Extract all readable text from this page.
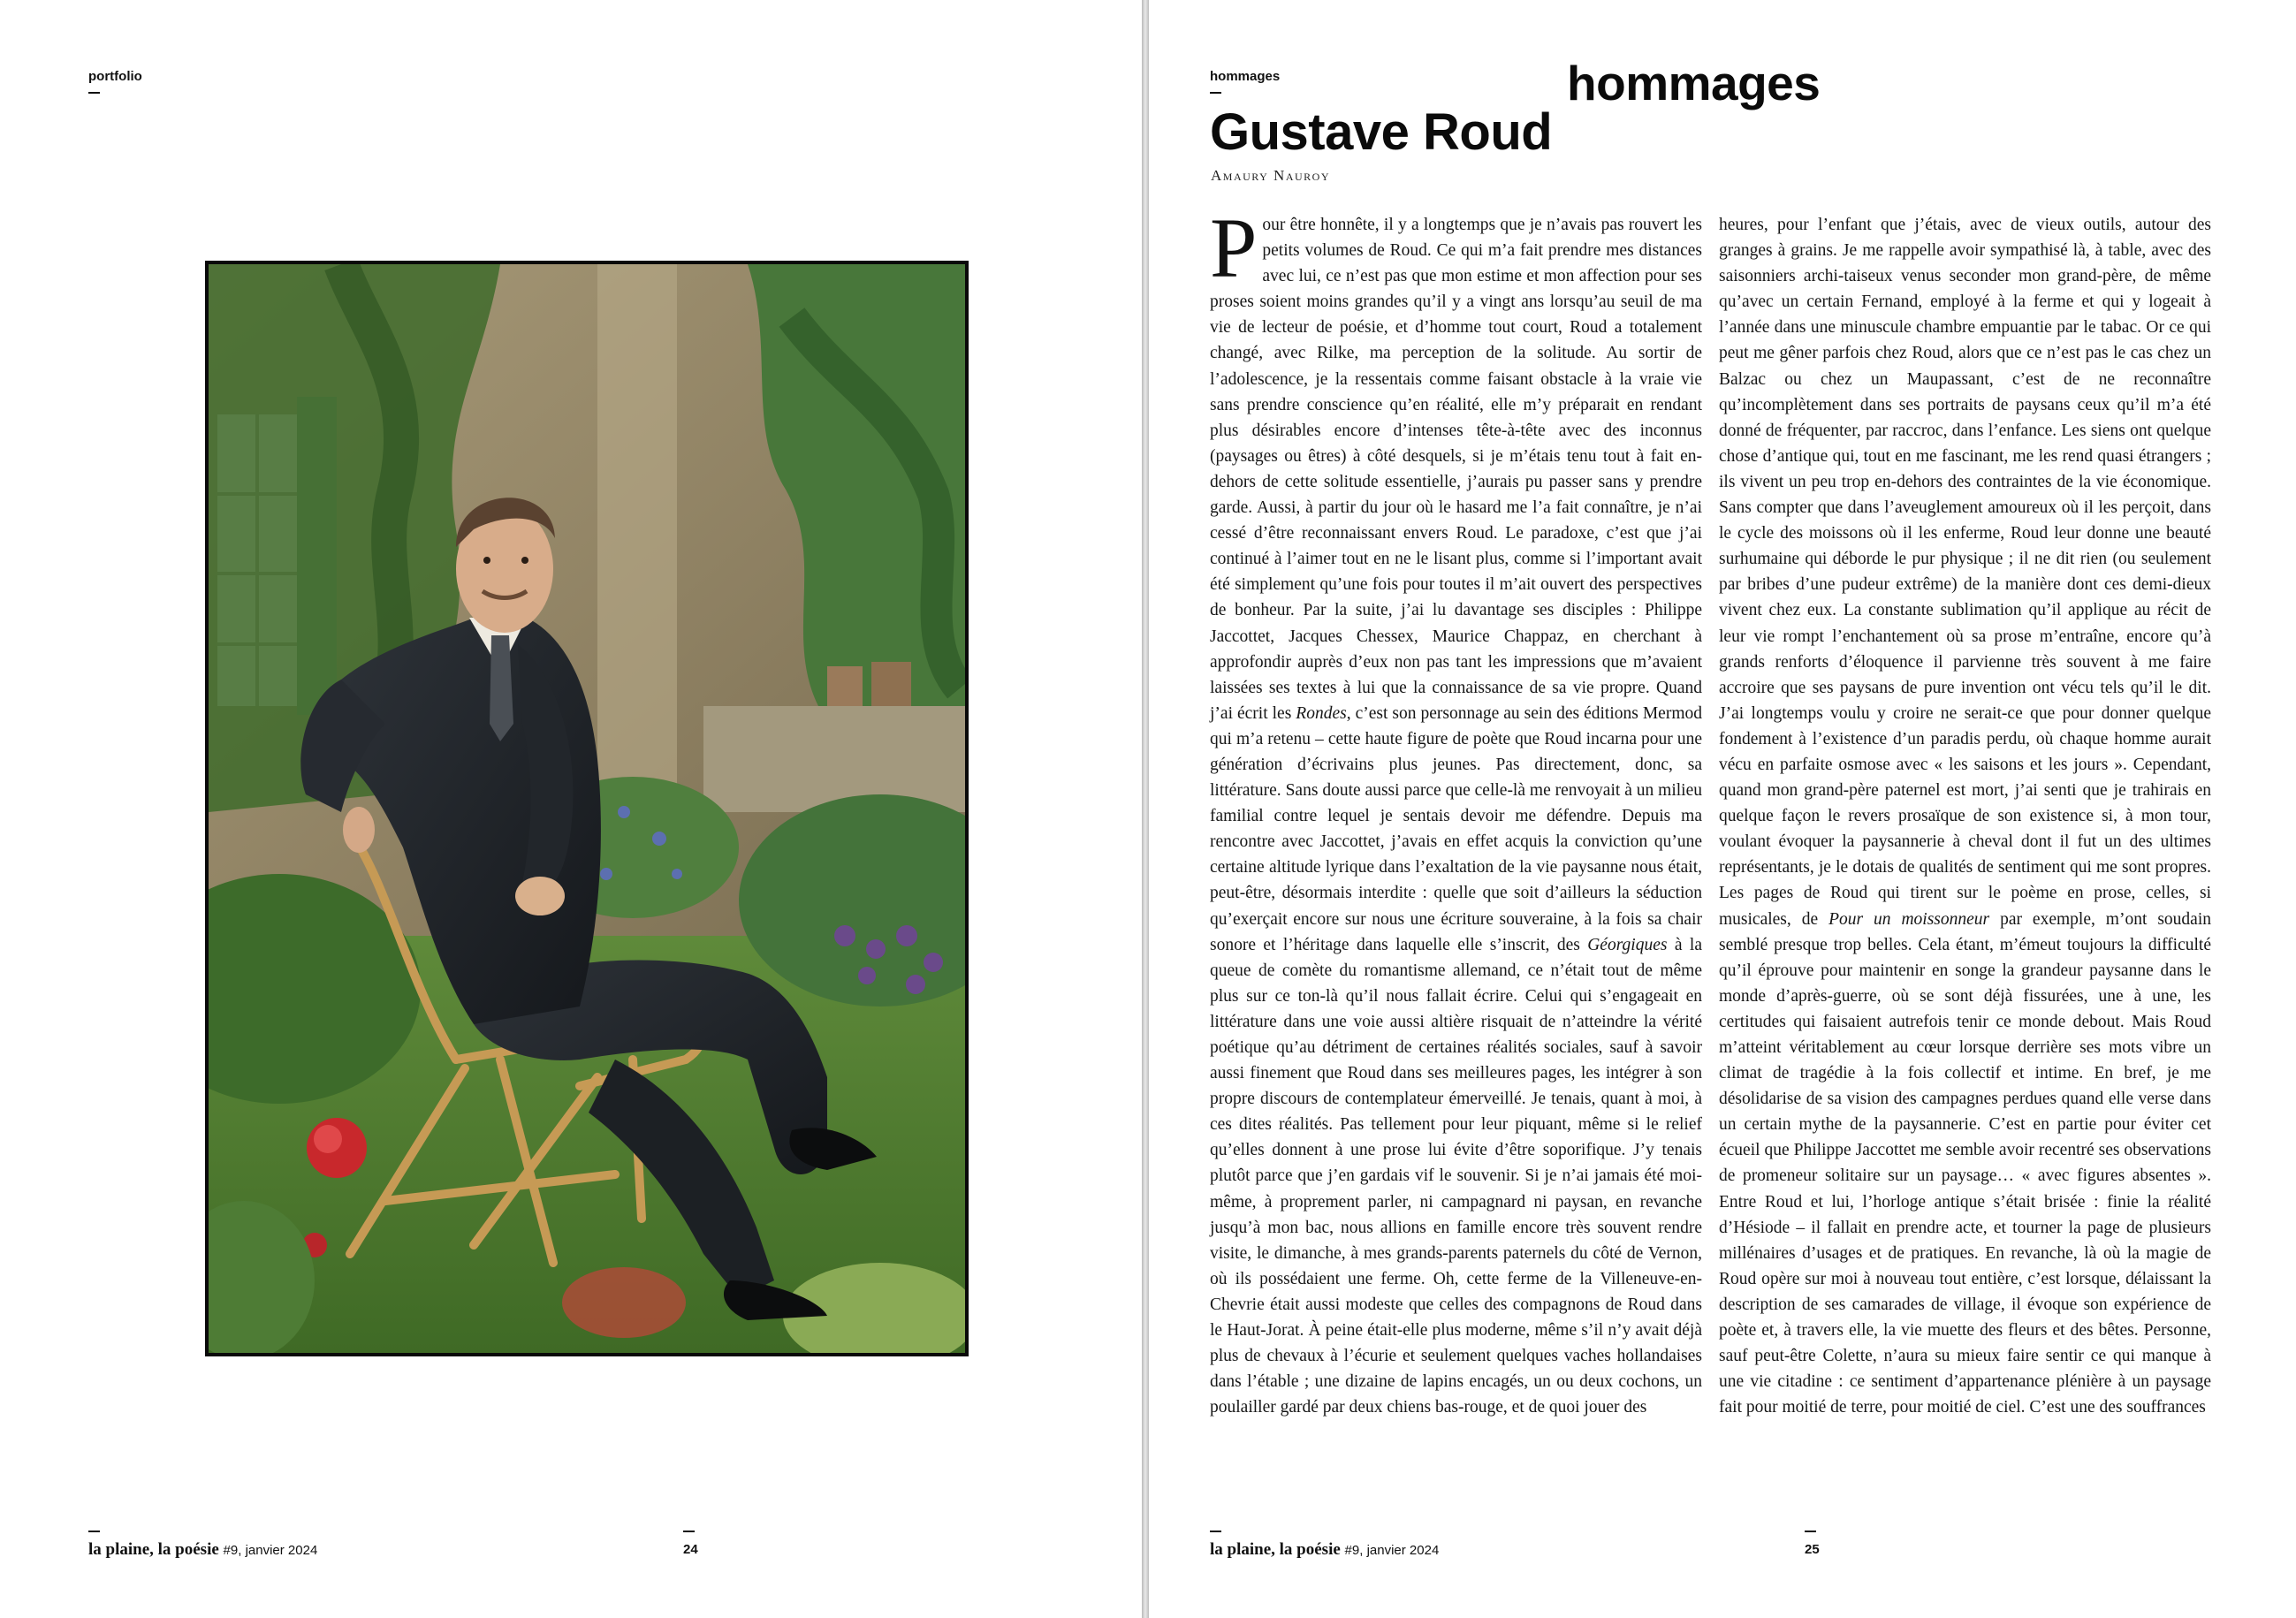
portfolio
la plaine, la poésie #9, janvier 2024	24
hommages	hommages
Gustave Roud
Amaury Nauroy
Pour être honnête, il y a longtemps que je n’avais pas rouvert les petits volumes de Roud. Ce qui m’a fait prendre mes distances avec lui, ce n’est pas que mon estime et mon affection pour ses proses soient moins grandes qu’il y a vingt ans lorsqu’au seuil de ma vie de lecteur de poésie, et d’homme tout court, Roud a totalement changé, avec Rilke, ma perception de la solitude. Au sortir de l’adolescence, je la ressentais comme faisant obstacle à la vraie vie sans prendre conscience qu’en réalité, elle m’y préparait en rendant plus désirables encore d’intenses tête-à-tête avec des inconnus (paysages ou êtres) à côté desquels, si je m’étais tenu tout à fait en-dehors de cette solitude essentielle, j’aurais pu passer sans y prendre garde. Aussi, à partir du jour où le hasard me l’a fait connaître, je n’ai cessé d’être reconnaissant envers Roud. Le paradoxe, c’est que j’ai continué à l’aimer tout en ne le lisant plus, comme si l’important avait été simplement qu’une fois pour toutes il m’ait ouvert des perspectives de bonheur. Par la suite, j’ai lu davantage ses disciples : Philippe Jaccottet, Jacques Chessex, Maurice Chappaz, en cherchant à approfondir auprès d’eux non pas tant les impressions que m’avaient laissées ses textes à lui que la connaissance de sa vie propre. Quand j’ai écrit les Rondes, c’est son personnage au sein des éditions Mermod qui m’a retenu – cette haute figure de poète que Roud incarna pour une génération d’écrivains plus jeunes. Pas directement, donc, sa littérature. Sans doute aussi parce que celle-là me renvoyait à un milieu familial contre lequel je sentais devoir me défendre. Depuis ma rencontre avec Jaccottet, j’avais en effet acquis la conviction qu’une certaine altitude lyrique dans l’exaltation de la vie paysanne nous était, peut-être, désormais interdite : quelle que soit d’ailleurs la séduction qu’exerçait encore sur nous une écriture souveraine, à la fois sa chair sonore et l’héritage dans laquelle elle s’inscrit, des Géorgiques à la queue de comète du romantisme allemand, ce n’était tout de même plus sur ce ton-là qu’il nous fallait écrire. Celui qui s’engageait en littérature dans une voie aussi altière risquait de n’atteindre la vérité poétique qu’au détriment de certaines réalités sociales, sauf à savoir aussi finement que Roud dans ses meilleures pages, les intégrer à son propre discours de contemplateur émerveillé. Je tenais, quant à moi, à ces dites réalités. Pas tellement pour leur piquant, même si le relief qu’elles donnent à une prose lui évite d’être soporifique. J’y tenais plutôt parce que j’en gardais vif le souvenir. Si je n’ai jamais été moi-même, à proprement parler, ni campagnard ni paysan, en revanche jusqu’à mon bac, nous allions en famille encore très souvent rendre visite, le dimanche, à mes grands-parents paternels du côté de Vernon, où ils possédaient une ferme. Oh, cette ferme de la Villeneuve-en-Chevrie était aussi modeste que celles des compagnons de Roud dans le Haut-Jorat. À peine était-elle plus moderne, même s’il n’y avait déjà plus de chevaux à l’écurie et seulement quelques vaches hollandaises dans l’étable ; une dizaine de lapins encagés, un ou deux cochons, un poulailler gardé par deux chiens bas-rouge, et de quoi jouer des
heures, pour l’enfant que j’étais, avec de vieux outils, autour des granges à grains. Je me rappelle avoir sympathisé là, à table, avec des saisonniers archi-taiseux venus seconder mon grand-père, de même qu’avec un certain Fernand, employé à la ferme et qui y logeait à l’année dans une minuscule chambre empuantie par le tabac. Or ce qui peut me gêner parfois chez Roud, alors que ce n’est pas le cas chez un Balzac ou chez un Maupassant, c’est de ne reconnaître qu’incomplètement dans ses portraits de paysans ceux qu’il m’a été donné de fréquenter, par raccroc, dans l’enfance. Les siens ont quelque chose d’antique qui, tout en me fascinant, me les rend quasi étrangers ; ils vivent un peu trop en-dehors des contraintes de la vie économique. Sans compter que dans l’aveuglement amoureux où il les perçoit, dans le cycle des moissons où il les enferme, Roud leur donne une beauté surhumaine qui déborde le pur physique ; il ne dit rien (ou seulement par bribes d’une pudeur extrême) de la manière dont ces demi-dieux vivent chez eux. La constante sublimation qu’il applique au récit de leur vie rompt l’enchantement où sa prose m’entraîne, encore qu’à grands renforts d’éloquence il parvienne très souvent à me faire accroire que ses paysans de pure invention ont vécu tels qu’il le dit. J’ai longtemps voulu y croire ne serait-ce que pour donner quelque fondement à l’existence d’un paradis perdu, où chaque homme aurait vécu en parfaite osmose avec « les saisons et les jours ». Cependant, quand mon grand-père paternel est mort, j’ai senti que je trahirais en quelque façon le revers prosaïque de son existence si, à mon tour, voulant évoquer la paysannerie à cheval dont il fut un des ultimes représentants, je le dotais de qualités de sentiment qui me sont propres. Les pages de Roud qui tirent sur le poème en prose, celles, si musicales, de Pour un moissonneur par exemple, m’ont soudain semblé presque trop belles. Cela étant, m’émeut toujours la difficulté qu’il éprouve pour maintenir en songe la grandeur paysanne dans le monde d’après-guerre, où se sont déjà fissurées, une à une, les certitudes qui faisaient autrefois tenir ce monde debout. Mais Roud m’atteint véritablement au cœur lorsque derrière ses mots vibre un climat de tragédie à la fois collectif et intime. En bref, je me désolidarise de sa vision des campagnes perdues quand elle verse dans un certain mythe de la paysannerie. C’est en partie pour éviter cet écueil que Philippe Jaccottet me semble avoir recentré ses observations de promeneur solitaire sur un paysage… « avec figures absentes ». Entre Roud et lui, l’horloge antique s’était brisée : finie la réalité d’Hésiode – il fallait en prendre acte, et tourner la page de plusieurs millénaires d’usages et de pratiques. En revanche, là où la magie de Roud opère sur moi à nouveau tout entière, c’est lorsque, délaissant la description de ses camarades de village, il évoque son expérience de poète et, à travers elle, la vie muette des fleurs et des bêtes. Personne, sauf peut-être Colette, n’aura su mieux faire sentir ce qui manque à une vie citadine : ce sentiment d’appartenance plénière à un paysage fait pour moitié de terre, pour moitié de ciel. C’est une des souffrances
la plaine, la poésie #9, janvier 2024	25
